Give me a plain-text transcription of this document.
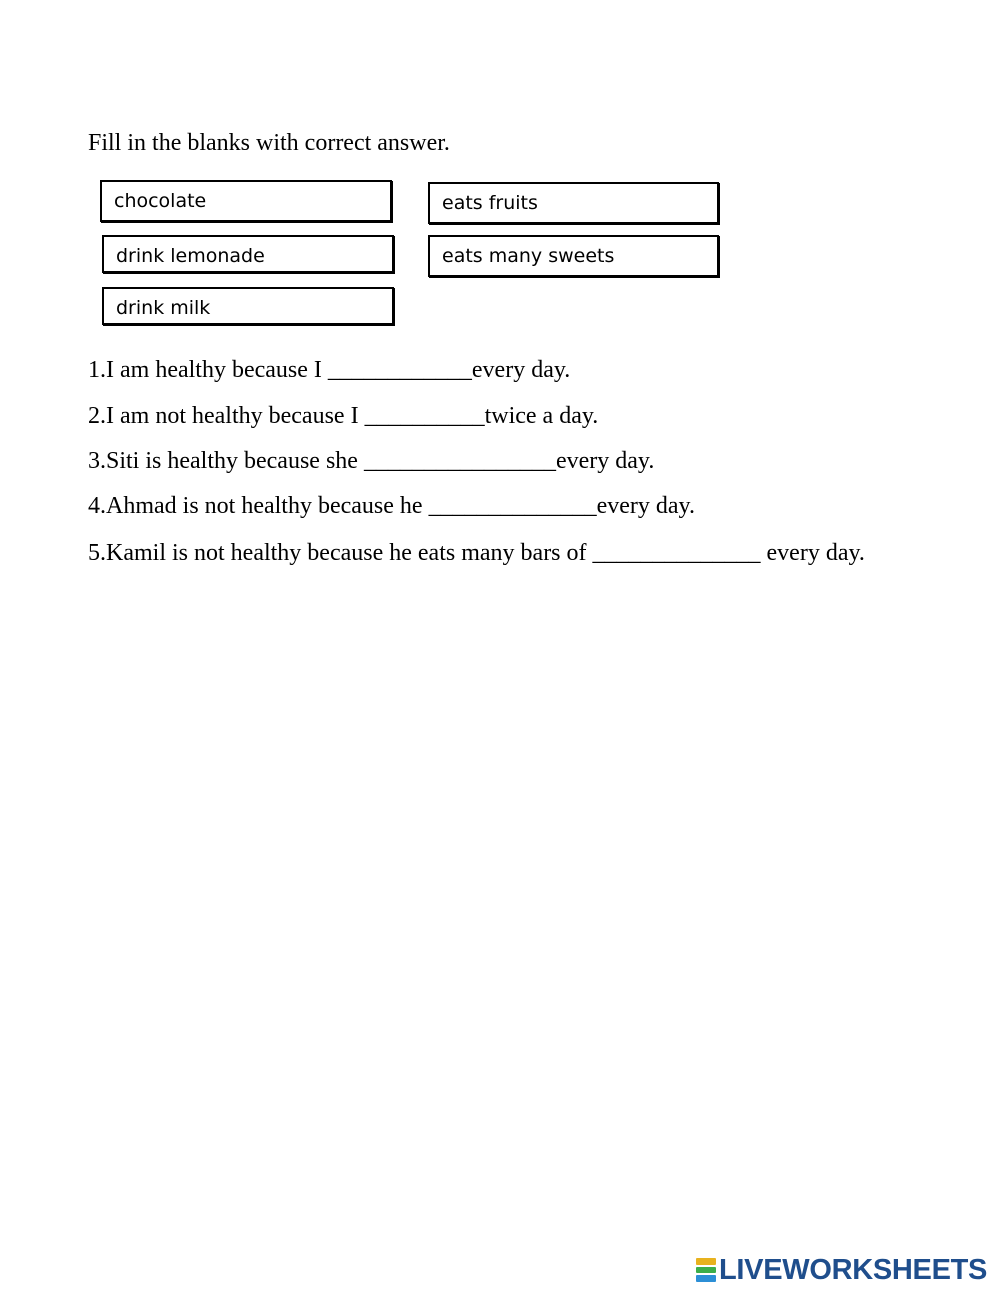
Fill in the blanks with correct answer.
chocolate	eats fruits
drink lemonade	eats many sweets
drink milk
1.I am healthy because I ____________every day.
2.I am not healthy because I __________twice a day.
3.Siti is healthy because she ________________every day.
4.Ahmad is not healthy because he ______________every day.
5.Kamil is not healthy because he eats many bars of ______________ every day.
LIVEWORKSHEETS
